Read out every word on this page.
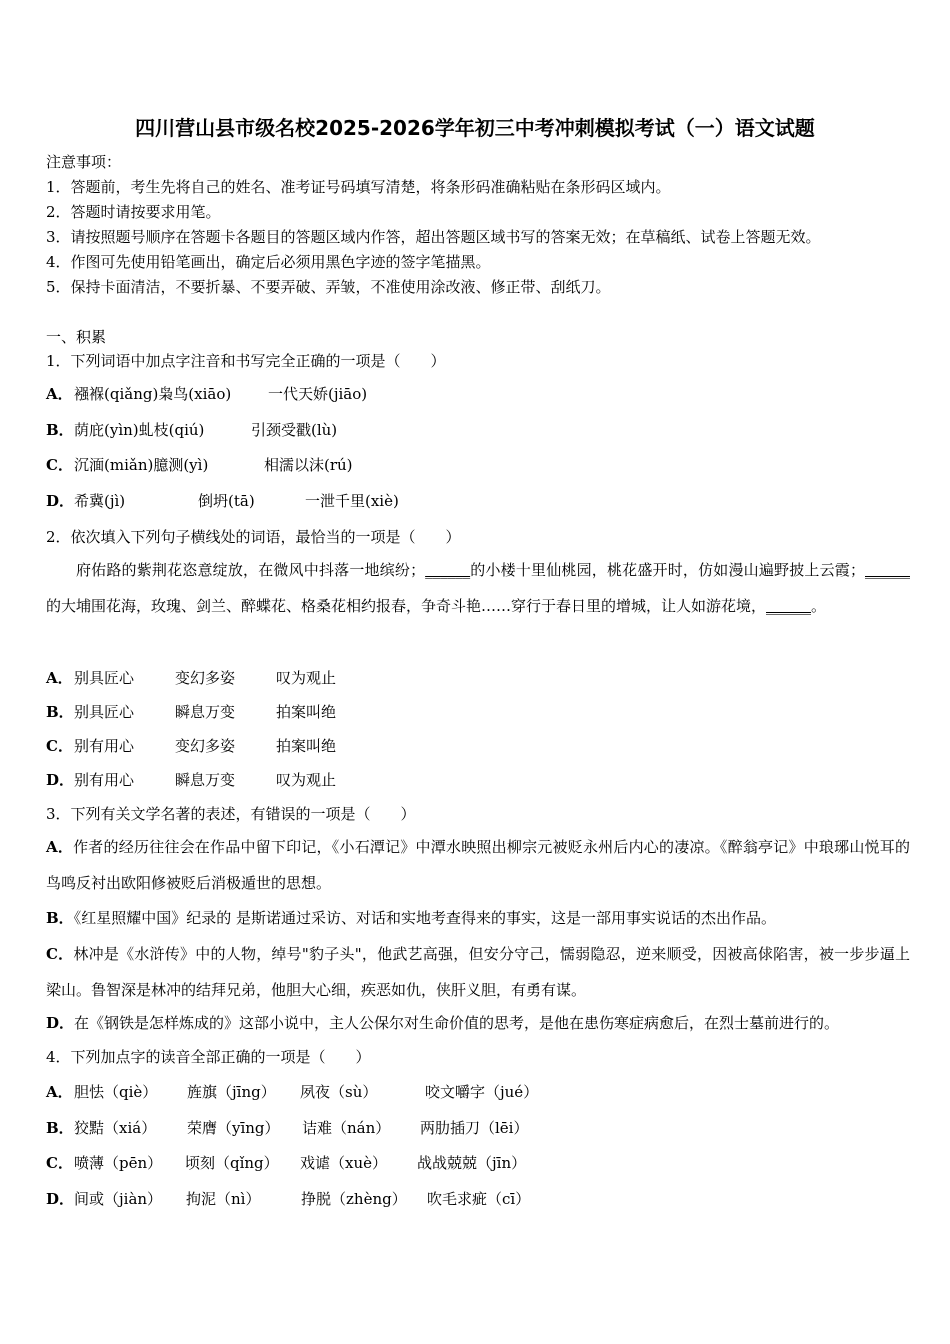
四川营山县市级名校2025-2026学年初三中考冲刺模拟考试（一）语文试题
注意事项：
1．答题前，考生先将自己的姓名、准考证号码填写清楚，将条形码准确粘贴在条形码区域内。
2．答题时请按要求用笔。
3．请按照题号顺序在答题卡各题目的答题区域内作答，超出答题区域书写的答案无效；在草稿纸、试卷上答题无效。
4．作图可先使用铅笔画出，确定后必须用黑色字迹的签字笔描黑。
5．保持卡面清洁，不要折暴、不要弄破、弄皱，不准使用涂改液、修正带、刮纸刀。
一、积累
1．下列词语中加点字注音和书写完全正确的一项是（　　）
A．襁褓(qiǎng)枭鸟(xiāo) 一代天娇(jiāo)
B．荫庇(yìn)虬枝(qiú)	引颈受戳(lù)
C．沉湎(miǎn)臆测(yì)	相濡以沫(rú)
D．希冀(jì)	倒坍(tā)	一泄千里(xiè)
2．依次填入下列句子横线处的词语，最恰当的一项是（　　）
府佑路的紫荆花恣意绽放，在微风中抖落一地缤纷；______的小楼十里仙桃园，桃花盛开时，仿如漫山遍野披上云霞；______的大埔围花海，玫瑰、剑兰、醉蝶花、格桑花相约报春，争奇斗艳……穿行于春日里的增城，让人如游花境，______。
A．别具匠心	变幻多姿	叹为观止
B．别具匠心	瞬息万变	拍案叫绝
C．别有用心	变幻多姿	拍案叫绝
D．别有用心	瞬息万变	叹为观止
3．下列有关文学名著的表述，有错误的一项是（　　）
A．作者的经历往往会在作品中留下印记，《小石潭记》中潭水映照出柳宗元被贬永州后内心的凄凉。《醉翁亭记》中琅琊山悦耳的鸟鸣反衬出欧阳修被贬后消极遁世的思想。
B．《红星照耀中国》纪录的 是斯诺通过采访、对话和实地考查得来的事实，这是一部用事实说话的杰出作品。
C．林冲是《水浒传》中的人物，绰号"豹子头"，他武艺高强，但安分守己，懦弱隐忍，逆来顺受，因被高俅陷害，被一步步逼上梁山。鲁智深是林冲的结拜兄弟，他胆大心细，疾恶如仇，侠肝义胆，有勇有谋。
D．在《钢铁是怎样炼成的》这部小说中，主人公保尔对生命价值的思考，是他在患伤寒症病愈后，在烈士墓前进行的。
4．下列加点字的读音全部正确的一项是（　　）
A．胆怯（qiè） 旌旗（jīng） 夙夜（sù）	咬文嚼字（jué）
B．狡黠（xiá） 荣膺（yīng） 诘难（nán） 两肋插刀（lēi）
C．喷薄（pēn） 顷刻（qǐng） 戏谑（xuè） 战战兢兢（jīn）
D．间或（jiàn） 拘泥（nì）	挣脱（zhèng） 吹毛求疵（cī）
